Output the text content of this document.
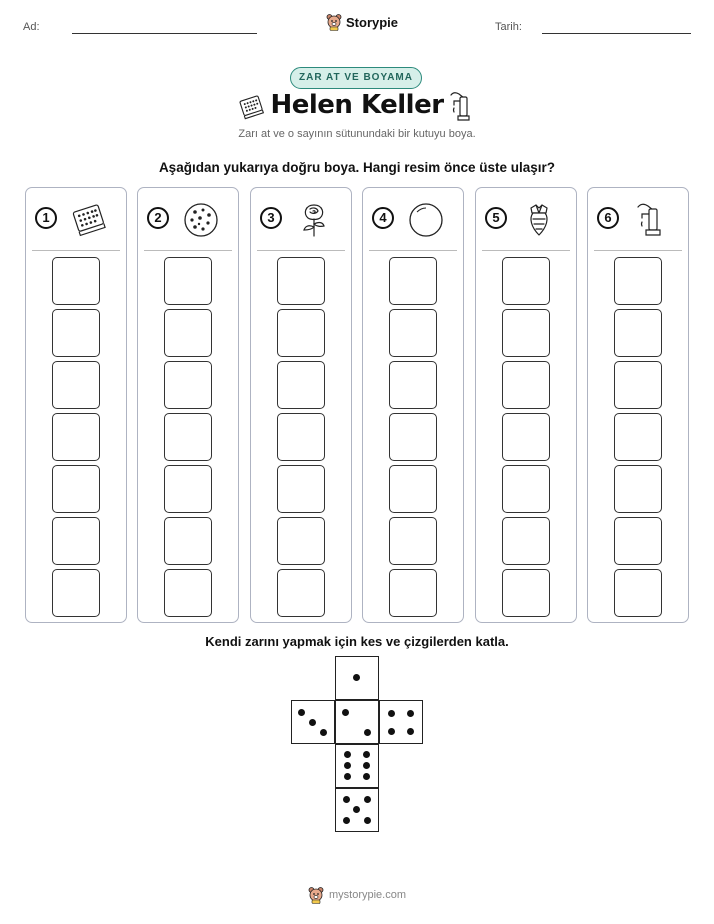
Ad:	Storypie	Tarih:
ZAR AT VE BOYAMA
Helen Keller
Zarı at ve o sayının sütunundaki bir kutuyu boya.
Aşağıdan yukarıya doğru boya. Hangi resim önce üste ulaşır?
1	2	3	4	5	6
Kendi zarını yapmak için kes ve çizgilerden katla.
mystorypie.com
